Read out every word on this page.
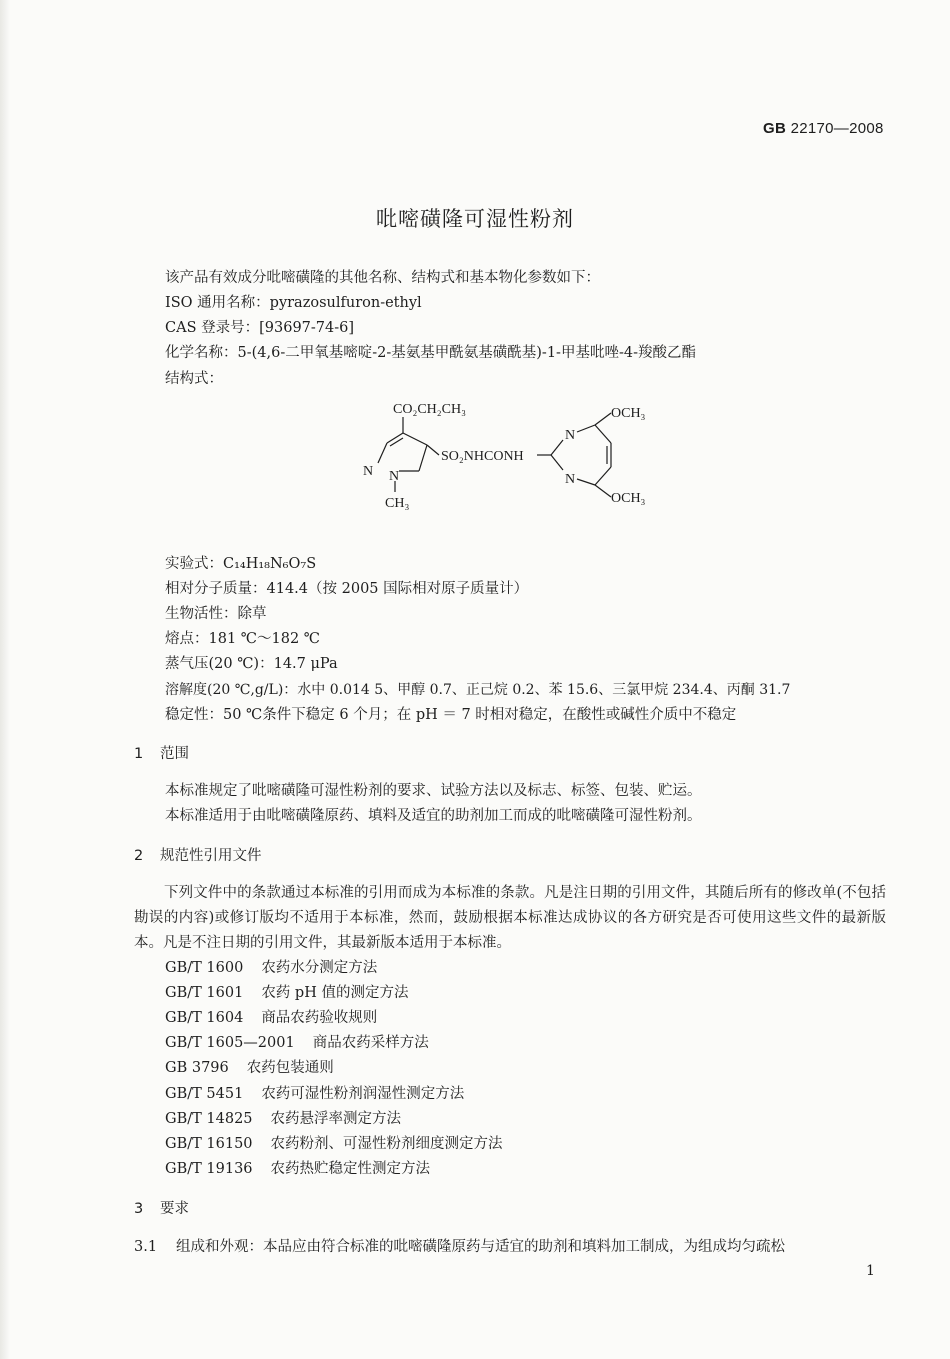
GB 22170—2008
吡嘧磺隆可湿性粉剂
该产品有效成分吡嘧磺隆的其他名称、结构式和基本物化参数如下：
ISO 通用名称：pyrazosulfuron-ethyl
CAS 登录号：[93697-74-6]
化学名称：5-(4,6-二甲氧基嘧啶-2-基氨基甲酰氨基磺酰基)-1-甲基吡唑-4-羧酸乙酯
结构式：
CO₂CH₂CH₃
N N
CH₃
SO₂NHCONH
N
N
OCH₃
OCH₃
实验式：C₁₄H₁₈N₆O₇S
相对分子质量：414.4（按 2005 国际相对原子质量计）
生物活性：除草
熔点：181 ℃～182 ℃
蒸气压(20 ℃)：14.7 μPa
溶解度(20 ℃,g/L)：水中 0.014 5、甲醇 0.7、正己烷 0.2、苯 15.6、三氯甲烷 234.4、丙酮 31.7
稳定性：50 ℃条件下稳定 6 个月；在 pH ＝ 7 时相对稳定，在酸性或碱性介质中不稳定
1 范围
本标准规定了吡嘧磺隆可湿性粉剂的要求、试验方法以及标志、标签、包装、贮运。
本标准适用于由吡嘧磺隆原药、填料及适宜的助剂加工而成的吡嘧磺隆可湿性粉剂。
2 规范性引用文件
下列文件中的条款通过本标准的引用而成为本标准的条款。凡是注日期的引用文件，其随后所有的修改单(不包括勘误的内容)或修订版均不适用于本标准，然而，鼓励根据本标准达成协议的各方研究是否可使用这些文件的最新版本。凡是不注日期的引用文件，其最新版本适用于本标准。
GB/T 1600 农药水分测定方法
GB/T 1601 农药 pH 值的测定方法
GB/T 1604 商品农药验收规则
GB/T 1605—2001 商品农药采样方法
GB 3796 农药包装通则
GB/T 5451 农药可湿性粉剂润湿性测定方法
GB/T 14825 农药悬浮率测定方法
GB/T 16150 农药粉剂、可湿性粉剂细度测定方法
GB/T 19136 农药热贮稳定性测定方法
3 要求
3.1 组成和外观：本品应由符合标准的吡嘧磺隆原药与适宜的助剂和填料加工制成，为组成均匀疏松
1
